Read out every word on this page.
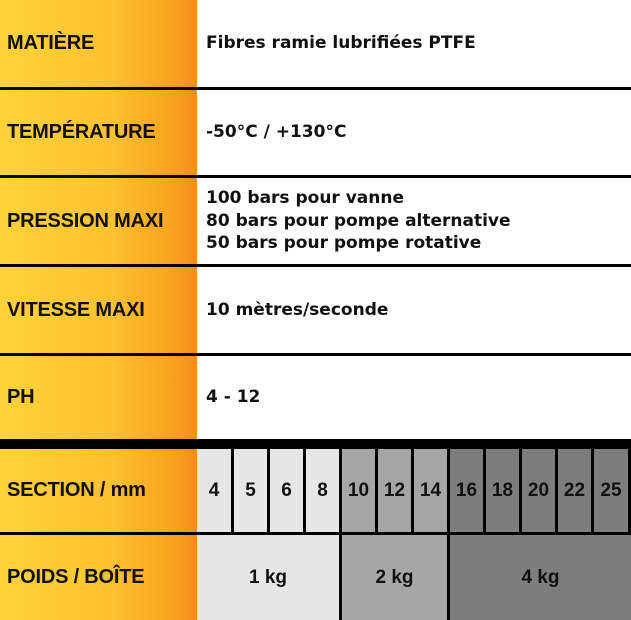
MATIÈRE	Fibres ramie lubrifiées PTFE
TEMPÉRATURE	-50°C / +130°C
PRESSION MAXI
100 bars pour vanne
80 bars pour pompe alternative
50 bars pour pompe rotative
VITESSE MAXI	10 mètres/seconde
PH	4 - 12
SECTION / mm	4	5	6	8	10 12 14 16 18 20 22 25
POIDS / BOÎTE	1 kg	2 kg	4 kg
